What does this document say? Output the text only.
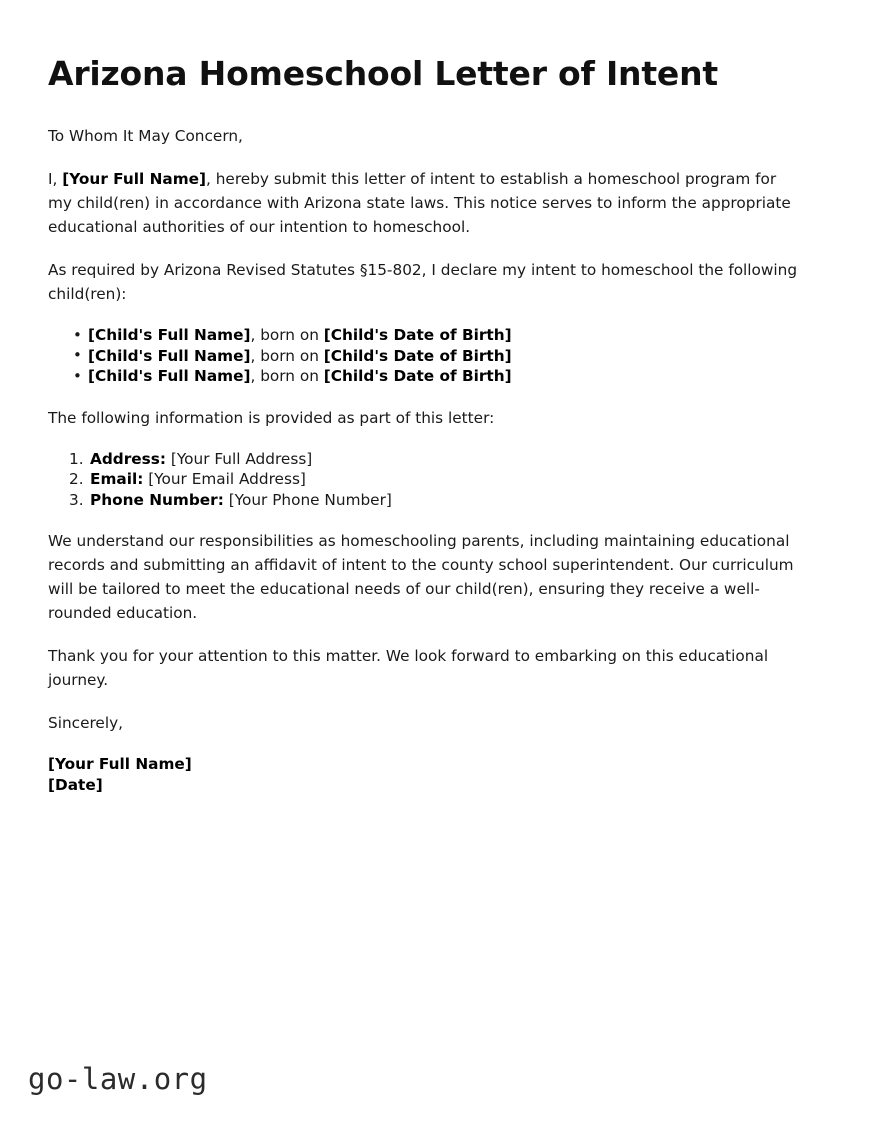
Arizona Homeschool Letter of Intent

To Whom It May Concern,

I, [Your Full Name], hereby submit this letter of intent to establish a homeschool program for my child(ren) in accordance with Arizona state laws. This notice serves to inform the appropriate educational authorities of our intention to homeschool.

As required by Arizona Revised Statutes §15-802, I declare my intent to homeschool the following child(ren):

• [Child's Full Name], born on [Child's Date of Birth]
• [Child's Full Name], born on [Child's Date of Birth]
• [Child's Full Name], born on [Child's Date of Birth]

The following information is provided as part of this letter:

Address: [Your Full Address]
Email: [Your Email Address]
Phone Number: [Your Phone Number]

We understand our responsibilities as homeschooling parents, including maintaining educational records and submitting an affidavit of intent to the county school superintendent. Our curriculum will be tailored to meet the educational needs of our child(ren), ensuring they receive a well-rounded education.

Thank you for your attention to this matter. We look forward to embarking on this educational journey.

Sincerely,

[Your Full Name]
[Date]
go-law.org
